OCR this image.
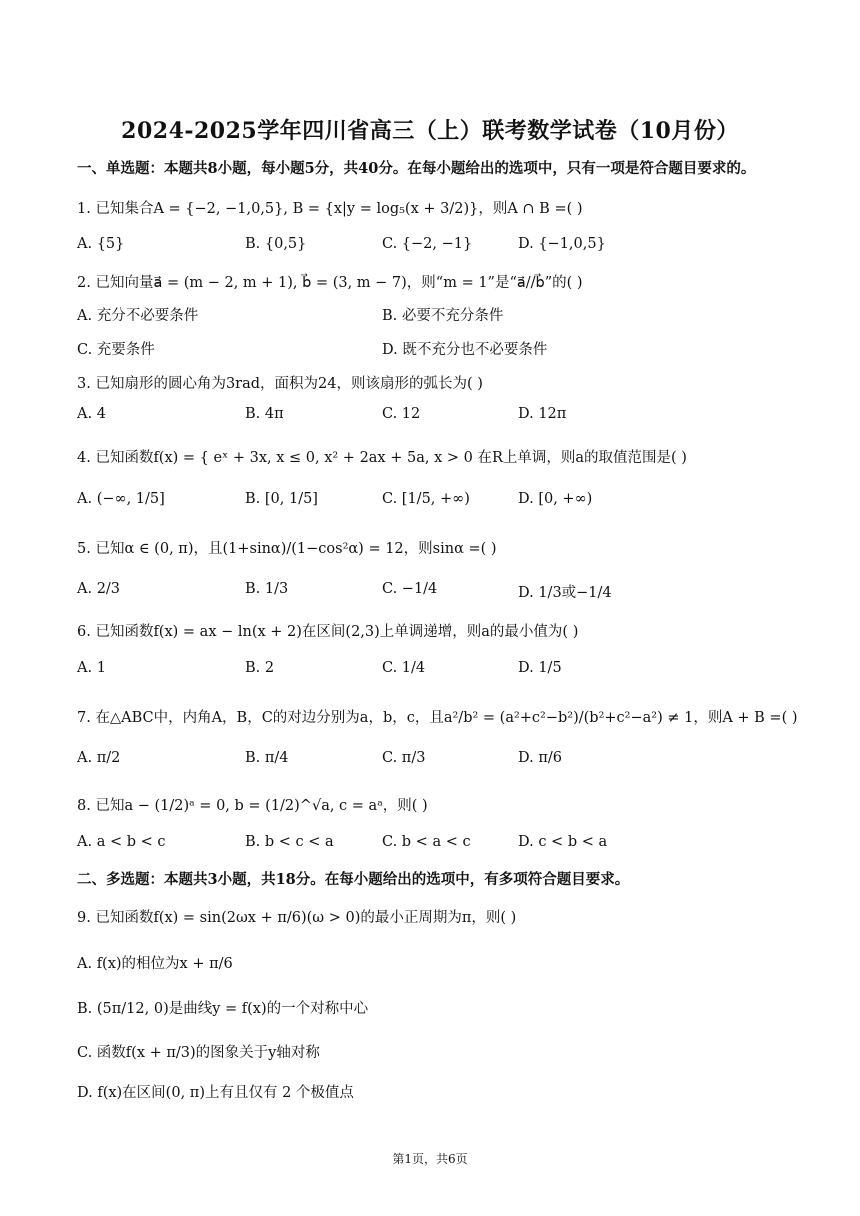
2024-2025学年四川省高三（上）联考数学试卷（10月份）
一、单选题：本题共8小题，每小题5分，共40分。在每小题给出的选项中，只有一项是符合题目要求的。
1. 已知集合A = {−2, −1,0,5}, B = {x|y = log₅(x + 3/2)}，则A ∩ B =( )
A. {5}	B. {0,5}	C. {−2, −1}	D. {−1,0,5}
2. 已知向量a⃗ = (m − 2, m + 1), b⃗ = (3, m − 7)，则“m = 1”是“a⃗//b⃗”的( )
A. 充分不必要条件	B. 必要不充分条件
C. 充要条件	D. 既不充分也不必要条件
3. 已知扇形的圆心角为3rad，面积为24，则该扇形的弧长为( )
A. 4	B. 4π	C. 12	D. 12π
4. 已知函数f(x) = { eˣ + 3x, x ≤ 0, x² + 2ax + 5a, x > 0 在R上单调，则a的取值范围是( )
A. (−∞, 1/5]	B. [0, 1/5]	C. [1/5, +∞)	D. [0, +∞)
5. 已知α ∈ (0, π)，且(1+sinα)/(1−cos²α) = 12，则sinα =( )
A. 2/3	B. 1/3	C. −1/4	D. 1/3或−1/4
6. 已知函数f(x) = ax − ln(x + 2)在区间(2,3)上单调递增，则a的最小值为( )
A. 1	B. 2	C. 1/4	D. 1/5
7. 在△ABC中，内角A，B，C的对边分别为a，b，c，且a²/b² = (a²+c²−b²)/(b²+c²−a²) ≠ 1，则A + B =( )
A. π/2	B. π/4	C. π/3	D. π/6
8. 已知a − (1/2)ᵃ = 0, b = (1/2)^√a, c = aᵃ，则( )
A. a < b < c	B. b < c < a	C. b < a < c	D. c < b < a
二、多选题：本题共3小题，共18分。在每小题给出的选项中，有多项符合题目要求。
9. 已知函数f(x) = sin(2ωx + π/6)(ω > 0)的最小正周期为π，则( )
A. f(x)的相位为x + π/6
B. (5π/12, 0)是曲线y = f(x)的一个对称中心
C. 函数f(x + π/3)的图象关于y轴对称
D. f(x)在区间(0, π)上有且仅有 2 个极值点
第1页，共6页
